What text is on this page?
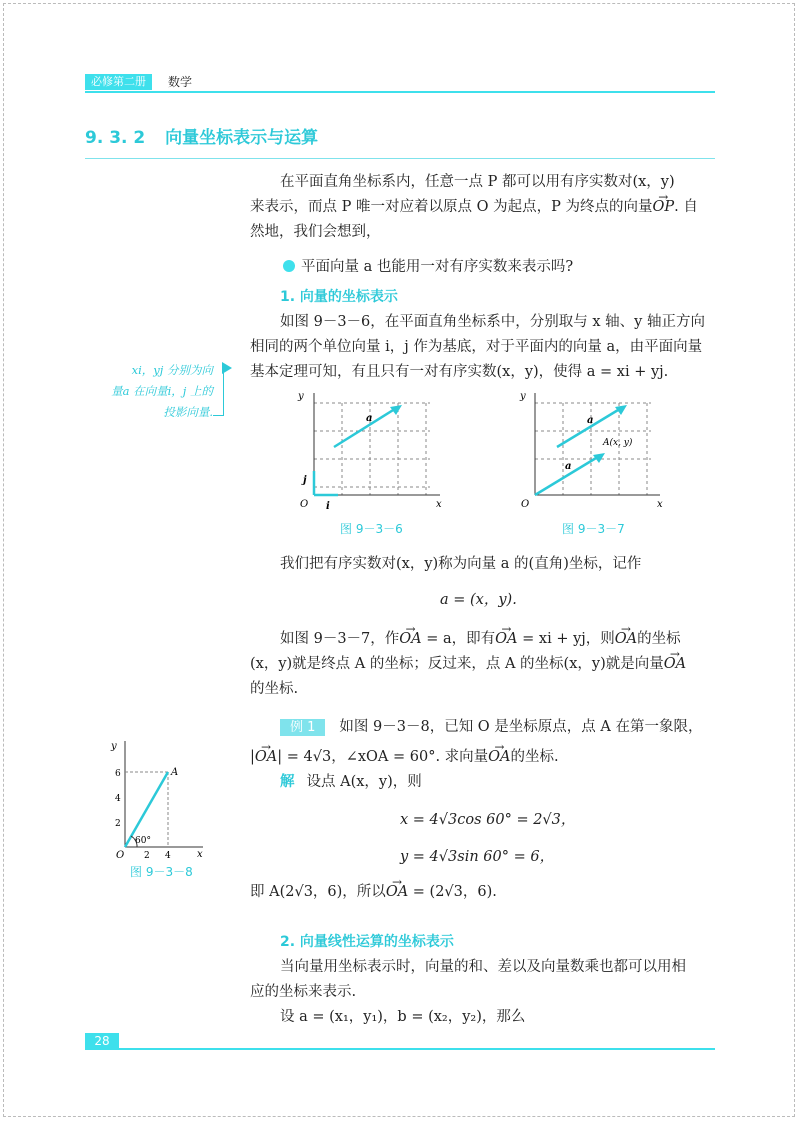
必修第二册	数学
9. 3. 2 向量坐标表示与运算
在平面直角坐标系内，任意一点 P 都可以用有序实数对(x，y)
来表示，而点 P 唯一对应着以原点 O 为起点，P 为终点的向量→ OP. 自
然地，我们会想到，
平面向量 a 也能用一对有序实数来表示吗?
1. 向量的坐标表示
如图 9－3－6，在平面直角坐标系中，分别取与 x 轴、y 轴正方向
相同的两个单位向量 i，j 作为基底，对于平面内的向量 a，由平面向量
基本定理可知，有且只有一对有序实数(x，y)，使得 a = xi + yj.
xi，yj 分别为向
量a 在向量i，j 上的
投影向量.
y
x
O i
j
a
图 9－3－6
y
x
O
a
a
A(x, y)
图 9－3－7
我们把有序实数对(x，y)称为向量 a 的(直角)坐标，记作
a = (x，y).
如图 9－3－7，作→ OA = a，即有→ OA = xi + yj，则→ OA的坐标
(x，y)就是终点 A 的坐标；反过来，点 A 的坐标(x，y)就是向量→ OA
的坐标.
例 1 如图 9－3－8，已知 O 是坐标原点，点 A 在第一象限，
|→ OA| = 4√3，∠xOA = 60°. 求向量→ OA的坐标.
解 设点 A(x，y)，则
x = 4√3cos 60° = 2√3，
y = 4√3sin 60° = 6，
即 A(2√3，6)，所以→ OA = (2√3，6).
y
x
O
A
60°
6
4
2
2 4
图 9－3－8
2. 向量线性运算的坐标表示
当向量用坐标表示时，向量的和、差以及向量数乘也都可以用相
应的坐标来表示.
设 a = (x₁，y₁)，b = (x₂，y₂)，那么
28
